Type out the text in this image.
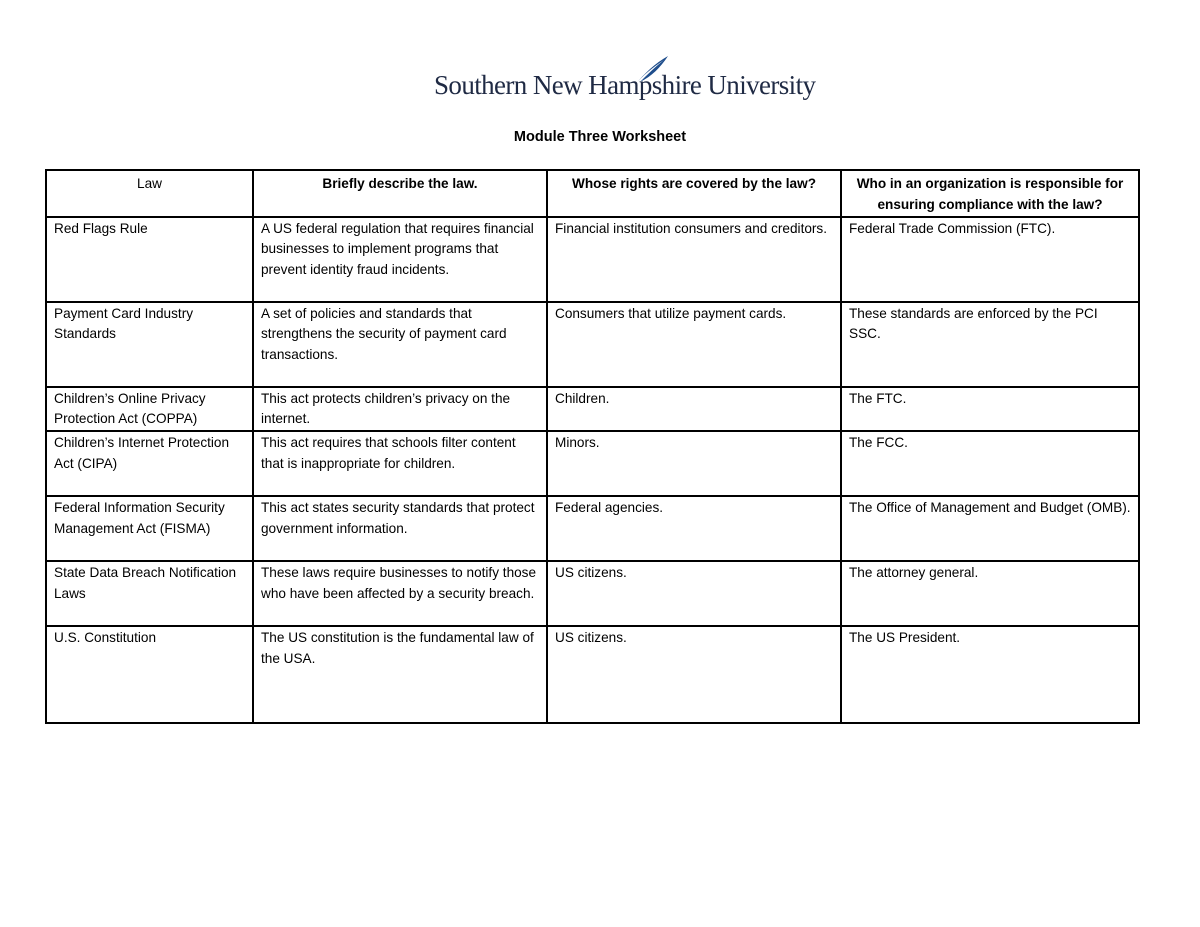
Southern New Hampshire University
Module Three Worksheet
Law	Briefly describe the law.	Whose rights are covered by the law?	Who in an organization is responsible for ensuring compliance with the law?
Red Flags Rule	A US federal regulation that requires financial businesses to implement programs that prevent identity fraud incidents.	Financial institution consumers and creditors.	Federal Trade Commission (FTC).
Payment Card Industry Standards	A set of policies and standards that strengthens the security of payment card transactions.	Consumers that utilize payment cards.	These standards are enforced by the PCI SSC.
Children’s Online Privacy Protection Act (COPPA)	This act protects children’s privacy on the internet.	Children.	The FTC.
Children’s Internet Protection Act (CIPA)	This act requires that schools filter content that is inappropriate for children.	Minors.	The FCC.
Federal Information Security Management Act (FISMA)	This act states security standards that protect government information.	Federal agencies.	The Office of Management and Budget (OMB).
State Data Breach Notification Laws	These laws require businesses to notify those who have been affected by a security breach.	US citizens.	The attorney general.
U.S. Constitution	The US constitution is the fundamental law of the USA.	US citizens.	The US President.
